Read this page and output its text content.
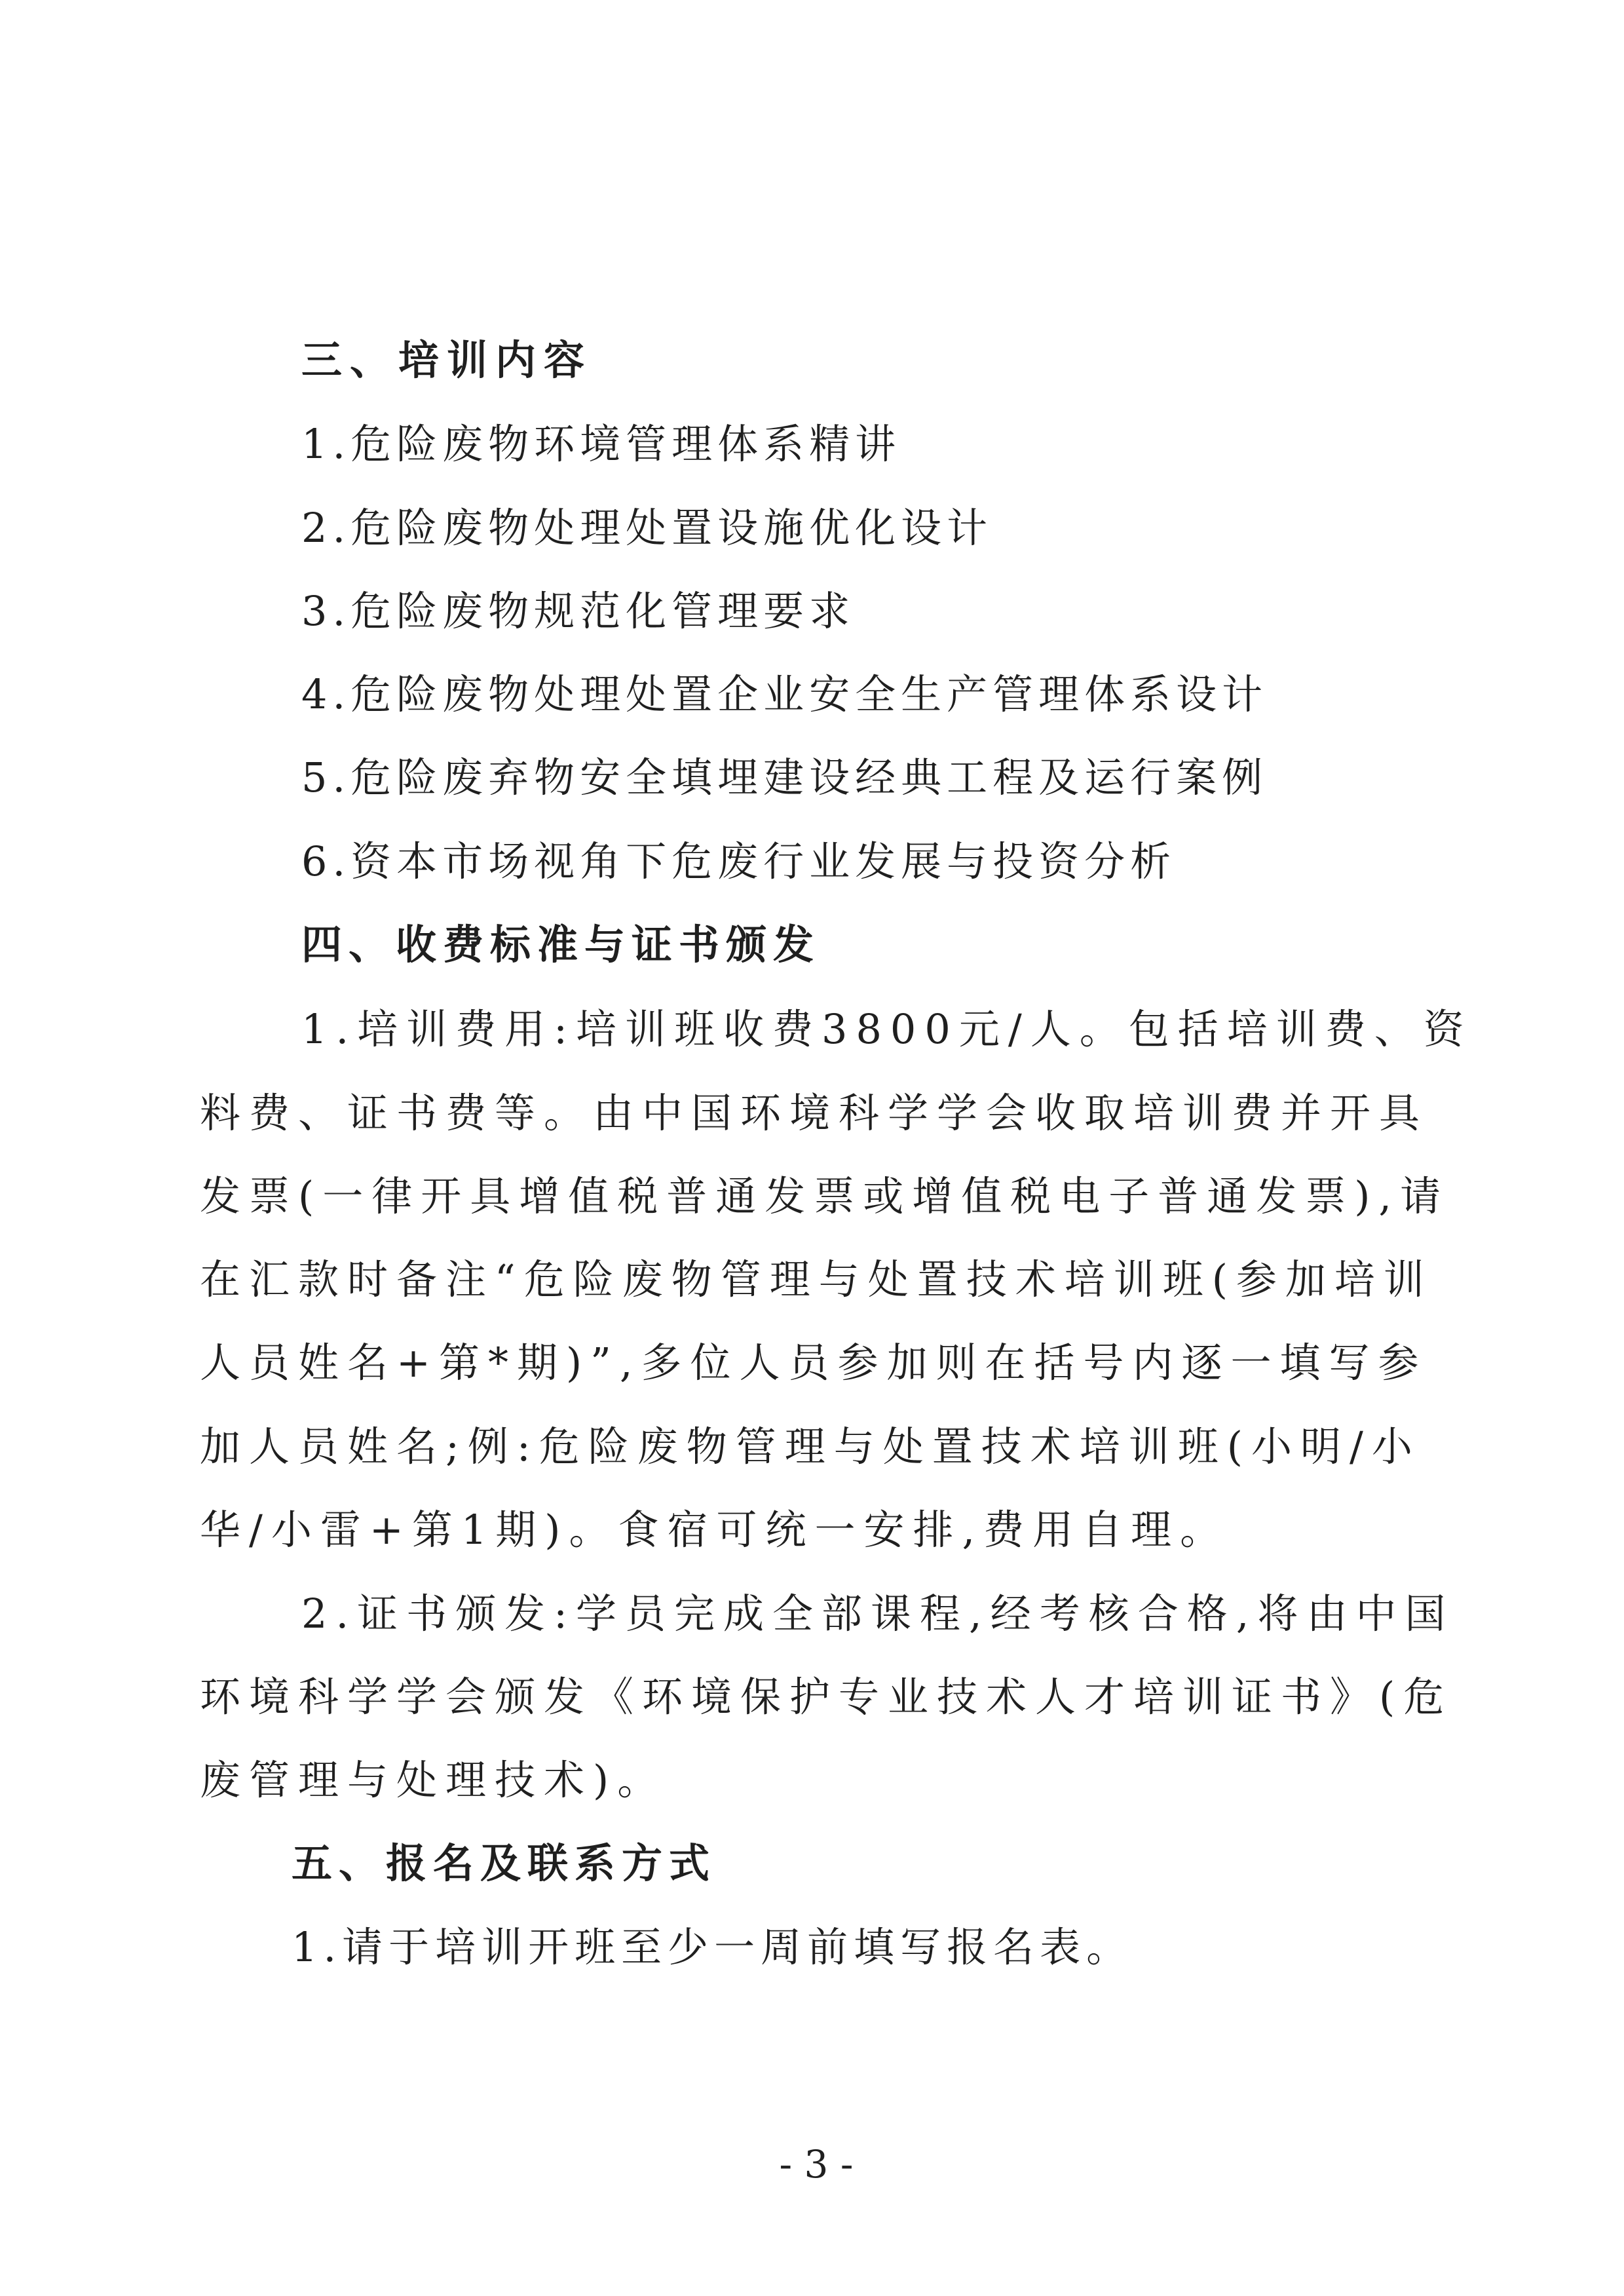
三、培训内容
1.危险废物环境管理体系精讲
2.危险废物处理处置设施优化设计
3.危险废物规范化管理要求
4.危险废物处理处置企业安全生产管理体系设计
5.危险废弃物安全填埋建设经典工程及运行案例
6.资本市场视角下危废行业发展与投资分析
四、收费标准与证书颁发
1.培训费用:培训班收费3800元/人。包括培训费、资
料费、证书费等。由中国环境科学学会收取培训费并开具
发票(一律开具增值税普通发票或增值税电子普通发票),请
在汇款时备注“危险废物管理与处置技术培训班(参加培训
人员姓名+第*期)”,多位人员参加则在括号内逐一填写参
加人员姓名;例:危险废物管理与处置技术培训班(小明/小
华/小雷+第1期)。食宿可统一安排,费用自理。
2.证书颁发:学员完成全部课程,经考核合格,将由中国
环境科学学会颁发《环境保护专业技术人才培训证书》(危
废管理与处理技术)。
五、报名及联系方式
1.请于培训开班至少一周前填写报名表。
- 3 -
